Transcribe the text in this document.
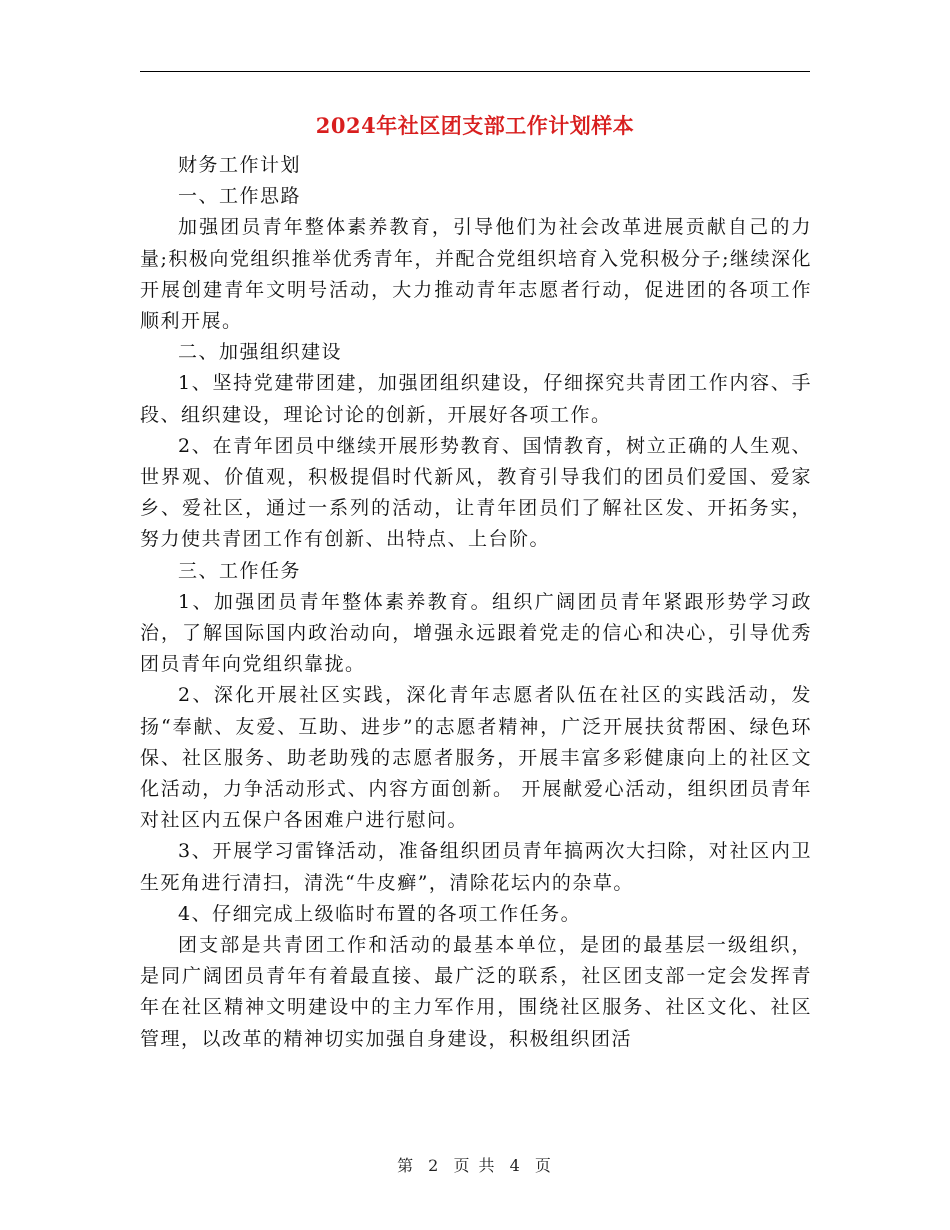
2024年社区团支部工作计划样本

财务工作计划

一、工作思路

加强团员青年整体素养教育，引导他们为社会改革进展贡献自己的力量;积极向党组织推举优秀青年，并配合党组织培育入党积极分子;继续深化开展创建青年文明号活动，大力推动青年志愿者行动，促进团的各项工作顺利开展。

二、加强组织建设

1、坚持党建带团建，加强团组织建设，仔细探究共青团工作内容、手段、组织建设，理论讨论的创新，开展好各项工作。

2、在青年团员中继续开展形势教育、国情教育，树立正确的人生观、世界观、价值观，积极提倡时代新风，教育引导我们的团员们爱国、爱家乡、爱社区，通过一系列的活动，让青年团员们了解社区发、开拓务实，努力使共青团工作有创新、出特点、上台阶。

三、工作任务

1、加强团员青年整体素养教育。组织广阔团员青年紧跟形势学习政治，了解国际国内政治动向，增强永远跟着党走的信心和决心，引导优秀团员青年向党组织靠拢。

2、深化开展社区实践，深化青年志愿者队伍在社区的实践活动，发扬“奉献、友爱、互助、进步”的志愿者精神，广泛开展扶贫帮困、绿色环保、社区服务、助老助残的志愿者服务，开展丰富多彩健康向上的社区文化活动，力争活动形式、内容方面创新。 开展献爱心活动，组织团员青年对社区内五保户各困难户进行慰问。

3、开展学习雷锋活动，准备组织团员青年搞两次大扫除，对社区内卫生死角进行清扫，清洗“牛皮癣”，清除花坛内的杂草。

4、仔细完成上级临时布置的各项工作任务。

团支部是共青团工作和活动的最基本单位，是团的最基层一级组织，是同广阔团员青年有着最直接、最广泛的联系，社区团支部一定会发挥青年在社区精神文明建设中的主力军作用，围绕社区服务、社区文化、社区管理，以改革的精神切实加强自身建设，积极组织团活

第 2 页 共 4 页
